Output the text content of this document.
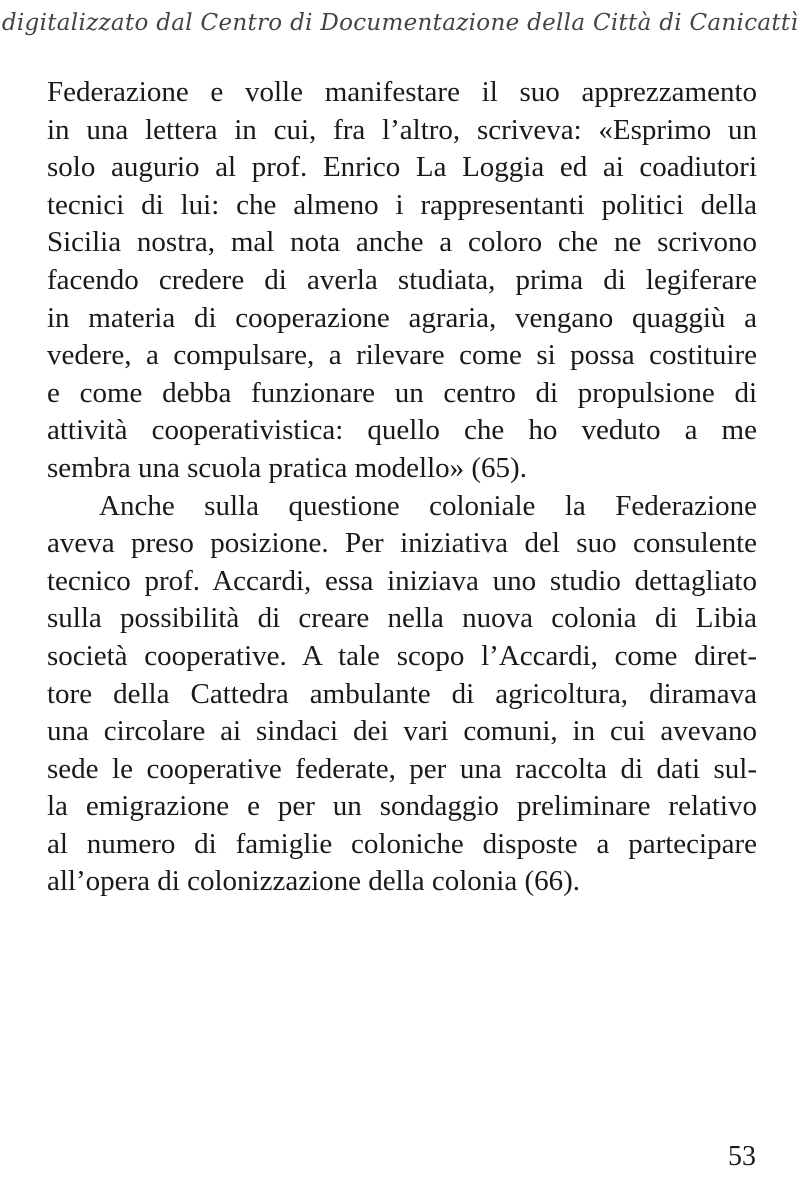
digitalizzato dal Centro di Documentazione della Città di Canicattì
Federazione e volle manifestare il suo apprezzamento
in una lettera in cui, fra l’altro, scriveva: «Esprimo un
solo augurio al prof. Enrico La Loggia ed ai coadiutori
tecnici di lui: che almeno i rappresentanti politici della
Sicilia nostra, mal nota anche a coloro che ne scrivono
facendo credere di averla studiata, prima di legiferare
in materia di cooperazione agraria, vengano quaggiù a
vedere, a compulsare, a rilevare come si possa costituire
e come debba funzionare un centro di propulsione di
attività cooperativistica: quello che ho veduto a me
sembra una scuola pratica modello» (65).
Anche sulla questione coloniale la Federazione
aveva preso posizione. Per iniziativa del suo consulente
tecnico prof. Accardi, essa iniziava uno studio dettagliato
sulla possibilità di creare nella nuova colonia di Libia
società cooperative. A tale scopo l’Accardi, come diret-
tore della Cattedra ambulante di agricoltura, diramava
una circolare ai sindaci dei vari comuni, in cui avevano
sede le cooperative federate, per una raccolta di dati sul-
la emigrazione e per un sondaggio preliminare relativo
al numero di famiglie coloniche disposte a partecipare
all’opera di colonizzazione della colonia (66).
53
